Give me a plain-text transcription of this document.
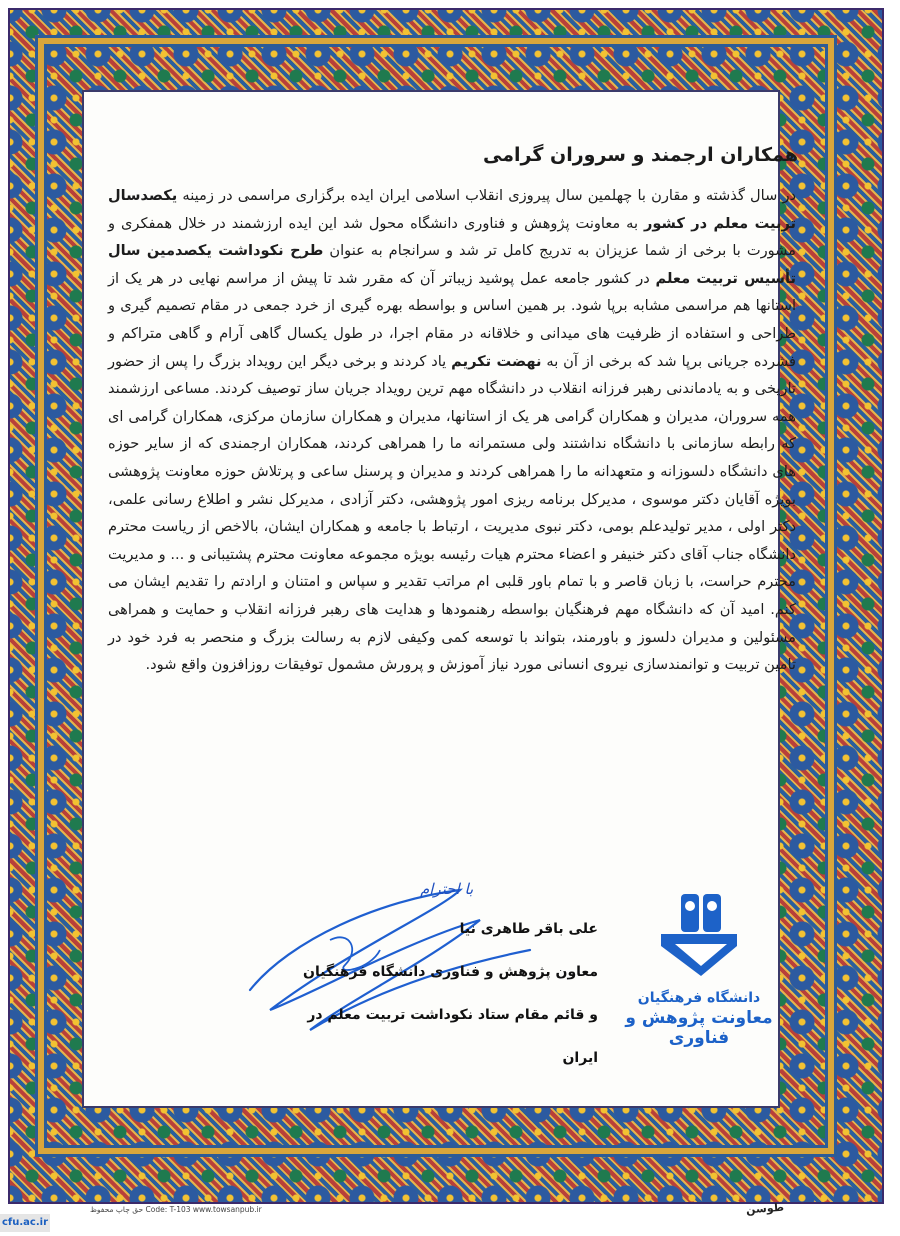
همکاران ارجمند و سروران گرامی
در سال گذشته و مقارن با چهلمین سال پیروزی انقلاب اسلامی ایران ایده برگزاری مراسمی در زمینه یکصدسال تربیت معلم در کشور به معاونت پژوهش و فناوری دانشگاه محول شد این ایده ارزشمند در خلال همفکری و مشورت با برخی از شما عزیزان به تدریج کامل تر شد و سرانجام به عنوان طرح نکوداشت یکصدمین سال تأسیس تربیت معلم در کشور جامعه عمل پوشید زیباتر آن که مقرر شد تا پیش از مراسم نهایی در هر یک از استانها هم مراسمی مشابه برپا شود. بر همین اساس و بواسطه بهره گیری از خرد جمعی در مقام تصمیم گیری و طراحی و استفاده از ظرفیت های میدانی و خلاقانه در مقام اجرا، در طول یکسال گاهی آرام و گاهی متراکم و فشرده جریانی برپا شد که برخی از آن به نهضت تکریم یاد کردند و برخی دیگر این رویداد بزرگ را پس از حضور تاریخی و به یادماندنی رهبر فرزانه انقلاب در دانشگاه مهم ترین رویداد جریان ساز توصیف کردند. مساعی ارزشمند همه سروران، مدیران و همکاران گرامی هر یک از استانها، مدیران و همکاران سازمان مرکزی، همکاران گرامی ای که رابطه سازمانی با دانشگاه نداشتند ولی مستمرانه ما را همراهی کردند، همکاران ارجمندی که از سایر حوزه های دانشگاه دلسوزانه و متعهدانه ما را همراهی کردند و مدیران و پرسنل ساعی و پرتلاش حوزه معاونت پژوهشی بویژه آقایان دکتر موسوی ، مدیرکل برنامه ریزی امور پژوهشی، دکتر آزادی ، مدیرکل نشر و اطلاع رسانی علمی، دکتر اولی ، مدیر تولیدعلم بومی، دکتر نبوی مدیریت ، ارتباط با جامعه و همکاران ایشان، بالاخص از ریاست محترم دانشگاه جناب آقای دکتر خنیفر و اعضاء محترم هیات رئیسه بویژه مجموعه معاونت محترم پشتیبانی و ... و مدیریت محترم حراست، با زبان قاصر و با تمام باور قلبی ام مراتب تقدیر و سپاس و امتنان و ارادتم را تقدیم ایشان می کنم. امید آن که دانشگاه مهم فرهنگیان بواسطه رهنمودها و هدایت های رهبر فرزانه انقلاب و حمایت و همراهی مسئولین و مدیران دلسوز و باورمند، بتواند با توسعه کمی وکیفی لازم به رسالت بزرگ و منحصر به فرد خود در تامین تربیت و توانمندسازی نیروی انسانی مورد نیاز آموزش و پرورش مشمول توفیقات روزافزون واقع شود.
با احترام
علی باقر طاهری نیا
معاون پژوهش و فناوری دانشگاه فرهنگیان
و قائم مقام ستاد نکوداشت تربیت معلم در ایران
دانشگاه فرهنگیان
معاونت پژوهش و فناوری
حق چاپ محفوظ Code: T-103 www.towsanpub.ir	طوسن
cfu.ac.ir
